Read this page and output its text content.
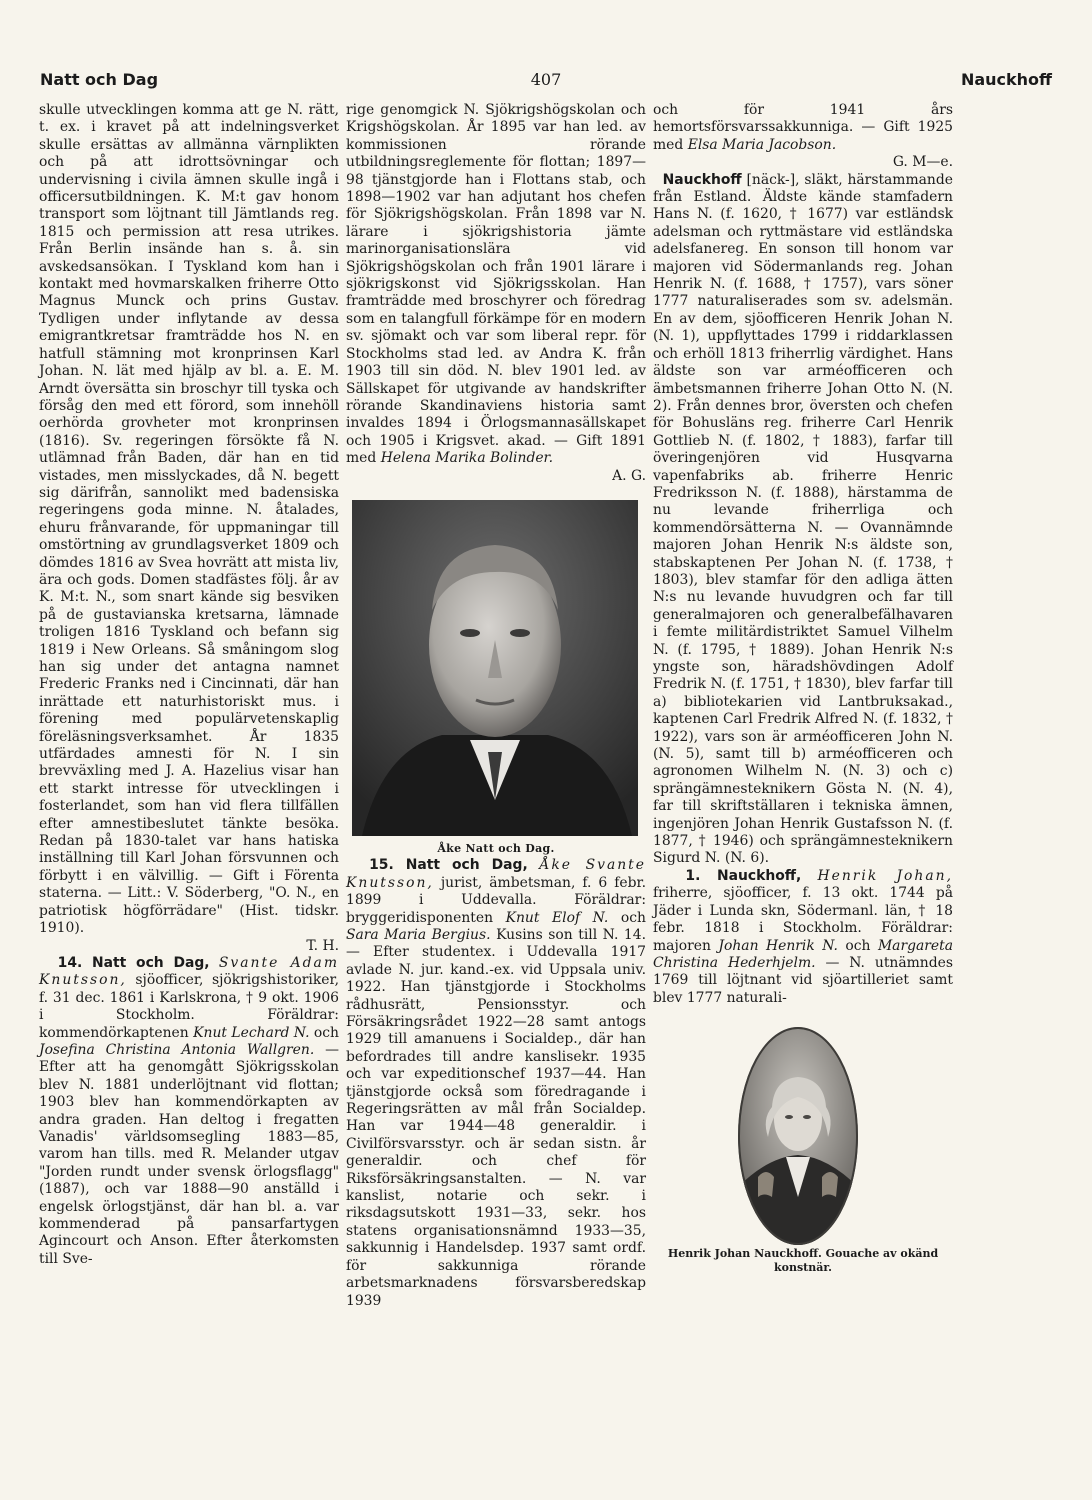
Natt och Dag	407	Nauckhoff

skulle utvecklingen komma att ge N. rätt, t. ex. i kravet på att indelningsverket skulle ersättas av allmänna värnplikten och på att idrottsövningar och undervisning i civila ämnen skulle ingå i officersutbildningen. K. M:t gav honom transport som löjtnant till Jämtlands reg. 1815 och permission att resa utrikes. Från Berlin insände han s. å. sin avskedsansökan. I Tyskland kom han i kontakt med hovmarskalken friherre Otto Magnus Munck och prins Gustav. Tydligen under inflytande av dessa emigrantkretsar framträdde hos N. en hatfull stämning mot kronprinsen Karl Johan. N. lät med hjälp av bl. a. E. M. Arndt översätta sin broschyr till tyska och försåg den med ett förord, som innehöll oerhörda grovheter mot kronprinsen (1816). Sv. regeringen försökte få N. utlämnad från Baden, där han en tid vistades, men misslyckades, då N. begett sig därifrån, sannolikt med badensiska regeringens goda minne. N. åtalades, ehuru frånvarande, för uppmaningar till omstörtning av grundlagsverket 1809 och dömdes 1816 av Svea hovrätt att mista liv, ära och gods. Domen stadfästes följ. år av K. M:t. N., som snart kände sig besviken på de gustavianska kretsarna, lämnade troligen 1816 Tyskland och befann sig 1819 i New Orleans. Så småningom slog han sig under det antagna namnet Frederic Franks ned i Cincinnati, där han inrättade ett naturhistoriskt mus. i förening med populärvetenskaplig föreläsningsverksamhet. År 1835 utfärdades amnesti för N. I sin brevväxling med J. A. Hazelius visar han ett starkt intresse för utvecklingen i fosterlandet, som han vid flera tillfällen efter amnestibeslutet tänkte besöka. Redan på 1830-talet var hans hatiska inställning till Karl Johan försvunnen och förbytt i en välvillig. — Gift i Förenta staterna. — Litt.: V. Söderberg, "O. N., en patriotisk högförrädare" (Hist. tidskr. 1910).

T. H.

14. Natt och Dag, Svante Adam Knutsson, sjöofficer, sjökrigshistoriker, f. 31 dec. 1861 i Karlskrona, † 9 okt. 1906 i Stockholm. Föräldrar: kommendörkaptenen Knut Lechard N. och Josefina Christina Antonia Wallgren. — Efter att ha genomgått Sjökrigsskolan blev N. 1881 underlöjtnant vid flottan; 1903 blev han kommendörkapten av andra graden. Han deltog i fregatten Vanadis' världsomsegling 1883—85, varom han tills. med R. Melander utgav "Jorden rundt under svensk örlogsflagg" (1887), och var 1888—90 anställd i engelsk örlogstjänst, där han bl. a. var kommenderad på pansarfartygen Agincourt och Anson. Efter återkomsten till Sve-

rige genomgick N. Sjökrigshögskolan och Krigshögskolan. År 1895 var han led. av kommissionen rörande utbildningsreglemente för flottan; 1897—98 tjänstgjorde han i Flottans stab, och 1898—1902 var han adjutant hos chefen för Sjökrigshögskolan. Från 1898 var N. lärare i sjökrigshistoria jämte marinorganisationslära vid Sjökrigshögskolan och från 1901 lärare i sjökrigskonst vid Sjökrigsskolan. Han framträdde med broschyrer och föredrag som en talangfull förkämpe för en modern sv. sjömakt och var som liberal repr. för Stockholms stad led. av Andra K. från 1903 till sin död. N. blev 1901 led. av Sällskapet för utgivande av handskrifter rörande Skandinaviens historia samt invaldes 1894 i Örlogsmannasällskapet och 1905 i Krigsvet. akad. — Gift 1891 med Helena Marika Bolinder.

A. G.

Åke Natt och Dag.

15. Natt och Dag, Åke Svante Knutsson, jurist, ämbetsman, f. 6 febr. 1899 i Uddevalla. Föräldrar: bryggeridisponenten Knut Elof N. och Sara Maria Bergius. Kusins son till N. 14. — Efter studentex. i Uddevalla 1917 avlade N. jur. kand.-ex. vid Uppsala univ. 1922. Han tjänstgjorde i Stockholms rådhusrätt, Pensionsstyr. och Försäkringsrådet 1922—28 samt antogs 1929 till amanuens i Socialdep., där han befordrades till andre kanslisekr. 1935 och var expeditionschef 1937—44. Han tjänstgjorde också som föredragande i Regeringsrätten av mål från Socialdep. Han var 1944—48 generaldir. i Civilförsvarsstyr. och är sedan sistn. år generaldir. och chef för Riksförsäkringsanstalten. — N. var kanslist, notarie och sekr. i riksdagsutskott 1931—33, sekr. hos statens organisationsnämnd 1933—35, sakkunnig i Handelsdep. 1937 samt ordf. för sakkunniga rörande arbetsmarknadens försvarsberedskap 1939

och för 1941 års hemortsförsvarssakkunniga. — Gift 1925 med Elsa Maria Jacobson.

G. M—e.

Nauckhoff [näck-], släkt, härstammande från Estland. Äldste kände stamfadern Hans N. (f. 1620, † 1677) var estländsk adelsman och ryttmästare vid estländska adelsfanereg. En sonson till honom var majoren vid Södermanlands reg. Johan Henrik N. (f. 1688, † 1757), vars söner 1777 naturaliserades som sv. adelsmän. En av dem, sjöofficeren Henrik Johan N. (N. 1), uppflyttades 1799 i riddarklassen och erhöll 1813 friherrlig värdighet. Hans äldste son var arméofficeren och ämbetsmannen friherre Johan Otto N. (N. 2). Från dennes bror, översten och chefen för Bohusläns reg. friherre Carl Henrik Gottlieb N. (f. 1802, † 1883), farfar till överingenjören vid Husqvarna vapenfabriks ab. friherre Henric Fredriksson N. (f. 1888), härstamma de nu levande friherrliga och kommendörsätterna N. — Ovannämnde majoren Johan Henrik N:s äldste son, stabskaptenen Per Johan N. (f. 1738, † 1803), blev stamfar för den adliga ätten N:s nu levande huvudgren och far till generalmajoren och generalbefälhavaren i femte militärdistriktet Samuel Vilhelm N. (f. 1795, † 1889). Johan Henrik N:s yngste son, häradshövdingen Adolf Fredrik N. (f. 1751, † 1830), blev farfar till a) bibliotekarien vid Lantbruksakad., kaptenen Carl Fredrik Alfred N. (f. 1832, † 1922), vars son är arméofficeren John N. (N. 5), samt till b) arméofficeren och agronomen Wilhelm N. (N. 3) och c) sprängämnesteknikern Gösta N. (N. 4), far till skriftställaren i tekniska ämnen, ingenjören Johan Henrik Gustafsson N. (f. 1877, † 1946) och sprängämnesteknikern Sigurd N. (N. 6).

1. Nauckhoff, Henrik Johan, friherre, sjöofficer, f. 13 okt. 1744 på Jäder i Lunda skn, Södermanl. län, † 18 febr. 1818 i Stockholm. Föräldrar: majoren Johan Henrik N. och Margareta Christina Hederhjelm. — N. utnämndes 1769 till löjtnant vid sjöartilleriet samt blev 1777 naturali-

Henrik Johan Nauckhoff. Gouache av okänd konstnär.
